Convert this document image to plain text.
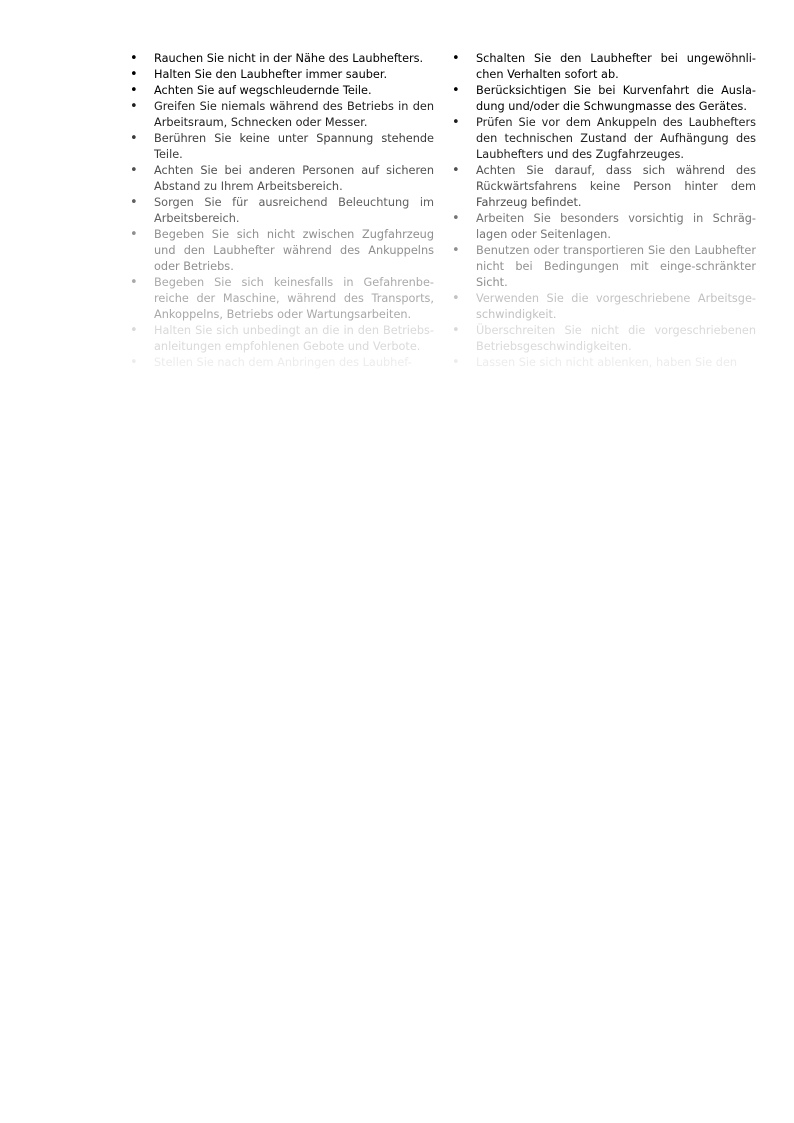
• Rauchen Sie nicht in der Nähe des Laubhefters.
• Halten Sie den Laubhefter immer sauber.
• Achten Sie auf wegschleudernde Teile.
• Greifen Sie niemals während des Betriebs in den Arbeitsraum, Schnecken oder Messer.
• Berühren Sie keine unter Spannung stehende Teile.
• Achten Sie bei anderen Personen auf sicheren Abstand zu Ihrem Arbeitsbereich.
• Sorgen Sie für ausreichend Beleuchtung im Arbeitsbereich.
• Begeben Sie sich nicht zwischen Zugfahrzeug und den Laubhefter während des Ankuppelns oder Betriebs.
• Begeben Sie sich keinesfalls in Gefahrenbe-reiche der Maschine, während des Transports, Ankoppelns, Betriebs oder Wartungsarbeiten.
• Halten Sie sich unbedingt an die in den Betriebs-anleitungen empfohlenen Gebote und Verbote.
• Stellen Sie nach dem Anbringen des Laubhef-
• Schalten Sie den Laubhefter bei ungewöhnli-chen Verhalten sofort ab.
• Berücksichtigen Sie bei Kurvenfahrt die Ausla-dung und/oder die Schwungmasse des Gerätes.
• Prüfen Sie vor dem Ankuppeln des Laubhefters den technischen Zustand der Aufhängung des Laubhefters und des Zugfahrzeuges.
• Achten Sie darauf, dass sich während des Rückwärtsfahrens keine Person hinter dem Fahrzeug befindet.
• Arbeiten Sie besonders vorsichtig in Schräg-lagen oder Seitenlagen.
• Benutzen oder transportieren Sie den Laubhefter nicht bei Bedingungen mit einge-schränkter Sicht.
• Verwenden Sie die vorgeschriebene Arbeitsge-schwindigkeit.
• Überschreiten Sie nicht die vorgeschriebenen Betriebsgeschwindigkeiten.
• Lassen Sie sich nicht ablenken, haben Sie den
